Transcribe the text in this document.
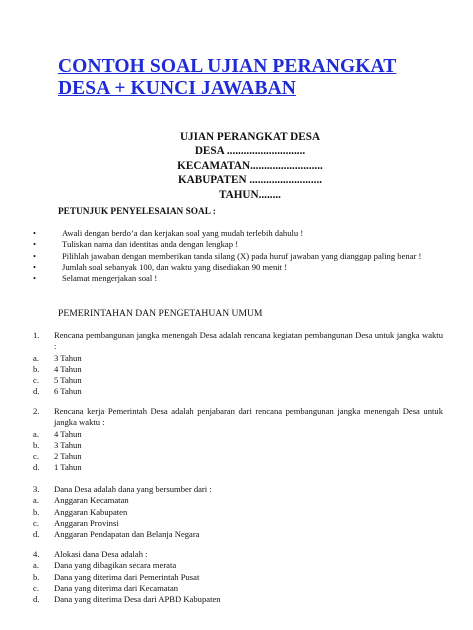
CONTOH SOAL UJIAN PERANGKAT
DESA + KUNCI JAWABAN
UJIAN PERANGKAT DESA
DESA ............................
KECAMATAN..........................
KABUPATEN ..........................
TAHUN........
PETUNJUK PENYELESAIAN SOAL :
•	Awali dengan berdo’a dan kerjakan soal yang mudah terlebih dahulu !
•	Tuliskan nama dan identitas anda dengan lengkap !
•	Pilihlah jawaban dengan memberikan tanda silang (X) pada huruf jawaban yang dianggap paling benar !
•	Jumlah soal sebanyak 100, dan waktu yang disediakan 90 menit !
•	Selamat mengerjakan soal !
PEMERINTAHAN DAN PENGETAHUAN UMUM
1. Rencana pembangunan jangka menengah Desa adalah rencana kegiatan pembangunan Desa untuk jangka waktu :
a. 3 Tahun
b. 4 Tahun
c. 5 Tahun
d. 6 Tahun
2. Rencana kerja Pemerintah Desa adalah penjabaran dari rencana pembangunan jangka menengah Desa untuk jangka waktu :
a. 4 Tahun
b. 3 Tahun
c. 2 Tahun
d. 1 Tahun
3. Dana Desa adalah dana yang bersumber dari :
a. Anggaran Kecamatan
b. Anggaran Kabupaten
c. Anggaran Provinsi
d. Anggaran Pendapatan dan Belanja Negara
4. Alokasi dana Desa adalah :
a. Dana yang dibagikan secara merata
b. Dana yang diterima dari Pemerintah Pusat
c. Dana yang diterima dari Kecamatan
d. Dana yang diterima Desa dari APBD Kabupaten
